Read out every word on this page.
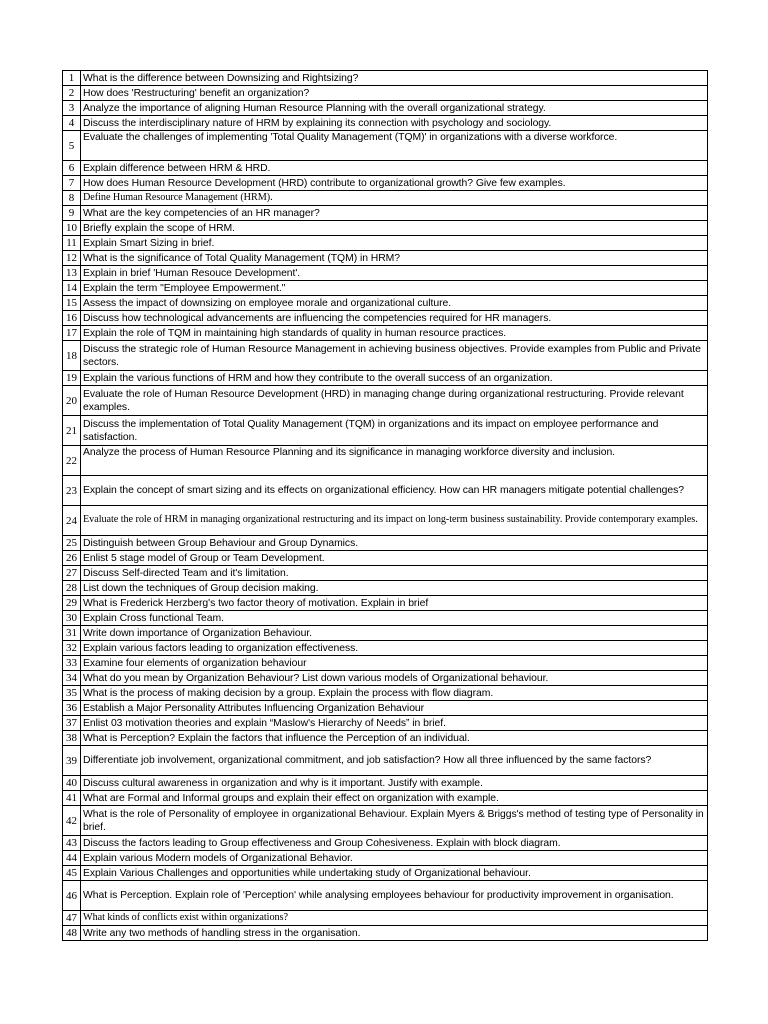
1	What is the difference between Downsizing and Rightsizing?
2	How does 'Restructuring' benefit an organization?
3	Analyze the importance of aligning Human Resource Planning with the overall organizational strategy.
4	Discuss the interdisciplinary nature of HRM by explaining its connection with psychology and sociology.
5	Evaluate the challenges of implementing 'Total Quality Management (TQM)' in organizations with a diverse workforce.
6	Explain difference between HRM & HRD.
7	How does Human Resource Development (HRD) contribute to organizational growth? Give few examples.
8	Define Human Resource Management (HRM).
9	What are the key competencies of an HR manager?
10	Briefly explain the scope of HRM.
11	Explain Smart Sizing in brief.
12	What is the significance of Total Quality Management (TQM) in HRM?
13	Explain in brief 'Human Resouce Development'.
14	Explain the term "Employee Empowerment."
15	Assess the impact of downsizing on employee morale and organizational culture.
16	Discuss how technological advancements are influencing the competencies required for HR managers.
17	Explain the role of TQM in maintaining high standards of quality in human resource practices.
18	Discuss the strategic role of Human Resource Management in achieving business objectives. Provide examples from Public and Private sectors.
19	Explain the various functions of HRM and how they contribute to the overall success of an organization.
20	Evaluate the role of Human Resource Development (HRD) in managing change during organizational restructuring. Provide relevant examples.
21	Discuss the implementation of Total Quality Management (TQM) in organizations and its impact on employee performance and satisfaction.
22	Analyze the process of Human Resource Planning and its significance in managing workforce diversity and inclusion.
23	Explain the concept of smart sizing and its effects on organizational efficiency. How can HR managers mitigate potential challenges?
24	Evaluate the role of HRM in managing organizational restructuring and its impact on long-term business sustainability. Provide contemporary examples.
25	Distinguish between Group Behaviour and Group Dynamics.
26	Enlist 5 stage model of Group or Team Development.
27	Discuss Self-directed Team and it's limitation.
28	List down the techniques of Group decision making.
29	What is Frederick Herzberg's two factor theory of motivation. Explain in brief
30	Explain Cross functional Team.
31	Write down importance of Organization Behaviour.
32	Explain various factors leading to organization effectiveness.
33	Examine four elements of organization behaviour
34	What do you mean by Organization Behaviour? List down various models of Organizational behaviour.
35	What is the process of making decision by a group. Explain the process with flow diagram.
36	Establish a Major Personality Attributes Influencing Organization Behaviour
37	Enlist 03 motivation theories and explain “Maslow's Hierarchy of Needs” in brief.
38	What is Perception? Explain the factors that influence the Perception of an individual.
39	Differentiate job involvement, organizational commitment, and job satisfaction? How all three influenced by the same factors?
40	Discuss cultural awareness in organization and why is it important. Justify with example.
41	What are Formal and Informal groups and explain their effect on organization with example.
42	What is the role of Personality of employee in organizational Behaviour. Explain Myers & Briggs's method of testing type of Personality in brief.
43	Discuss the factors leading to Group effectiveness and Group Cohesiveness. Explain with block diagram.
44	Explain various Modern models of Organizational Behavior.
45	Explain Various Challenges and opportunities while undertaking study of Organizational behaviour.
46	What is Perception. Explain role of 'Perception' while analysing employees behaviour for productivity improvement in organisation.
47	What kinds of conflicts exist within organizations?
48	Write any two methods of handling stress in the organisation.
